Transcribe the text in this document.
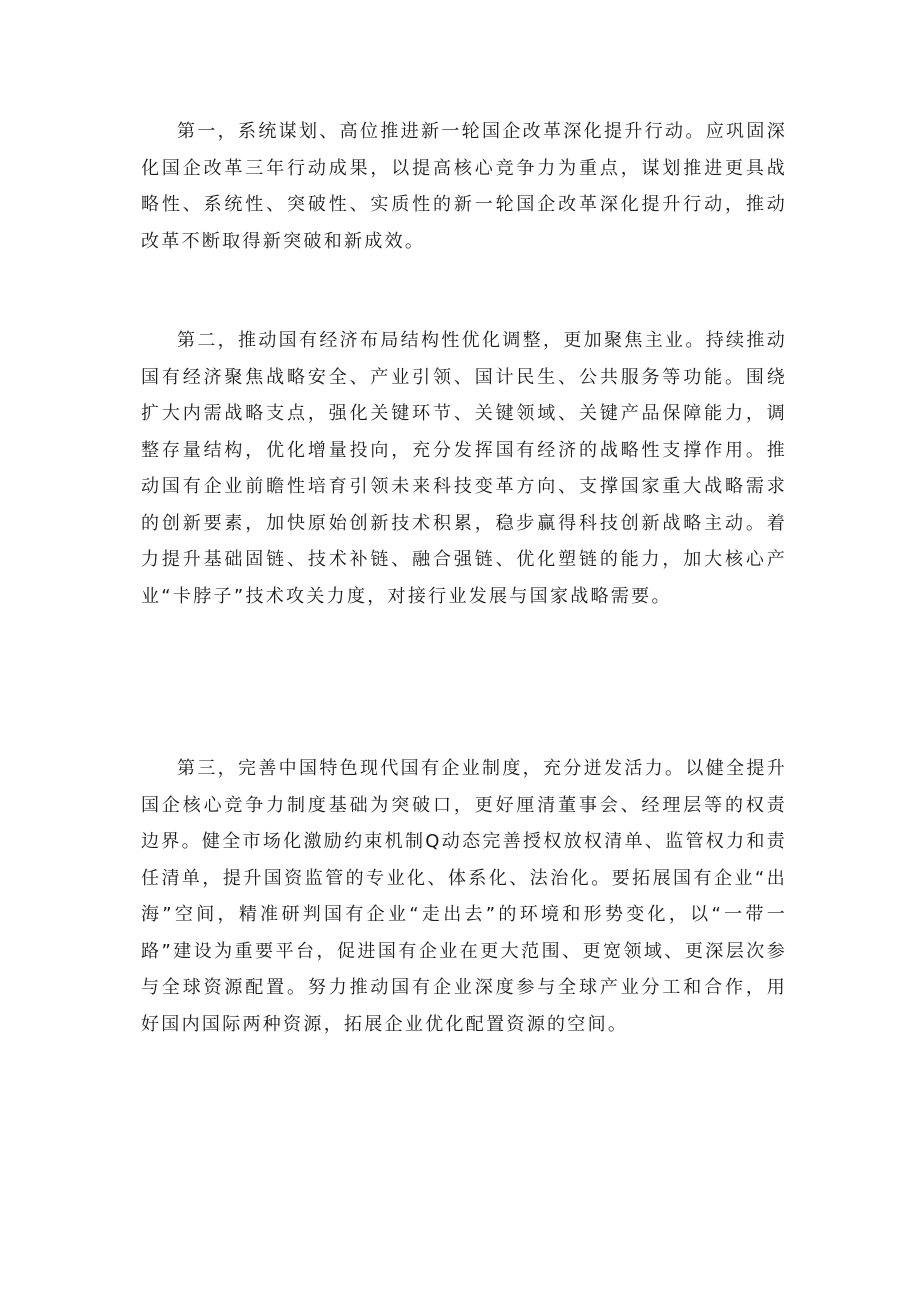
第一，系统谋划、高位推进新一轮国企改革深化提升行动。应巩固深化国企改革三年行动成果，以提高核心竞争力为重点，谋划推进更具战略性、系统性、突破性、实质性的新一轮国企改革深化提升行动，推动改革不断取得新突破和新成效。

第二，推动国有经济布局结构性优化调整，更加聚焦主业。持续推动国有经济聚焦战略安全、产业引领、国计民生、公共服务等功能。围绕扩大内需战略支点，强化关键环节、关键领域、关键产品保障能力，调整存量结构，优化增量投向，充分发挥国有经济的战略性支撑作用。推动国有企业前瞻性培育引领未来科技变革方向、支撑国家重大战略需求的创新要素，加快原始创新技术积累，稳步赢得科技创新战略主动。着力提升基础固链、技术补链、融合强链、优化塑链的能力，加大核心产业“卡脖子”技术攻关力度，对接行业发展与国家战略需要。

第三，完善中国特色现代国有企业制度，充分迸发活力。以健全提升国企核心竞争力制度基础为突破口，更好厘清董事会、经理层等的权责边界。健全市场化激励约束机制Q动态完善授权放权清单、监管权力和责任清单，提升国资监管的专业化、体系化、法治化。要拓展国有企业“出海”空间，精准研判国有企业“走出去”的环境和形势变化，以“一带一路”建设为重要平台，促进国有企业在更大范围、更宽领域、更深层次参与全球资源配置。努力推动国有企业深度参与全球产业分工和合作，用好国内国际两种资源，拓展企业优化配置资源的空间。
